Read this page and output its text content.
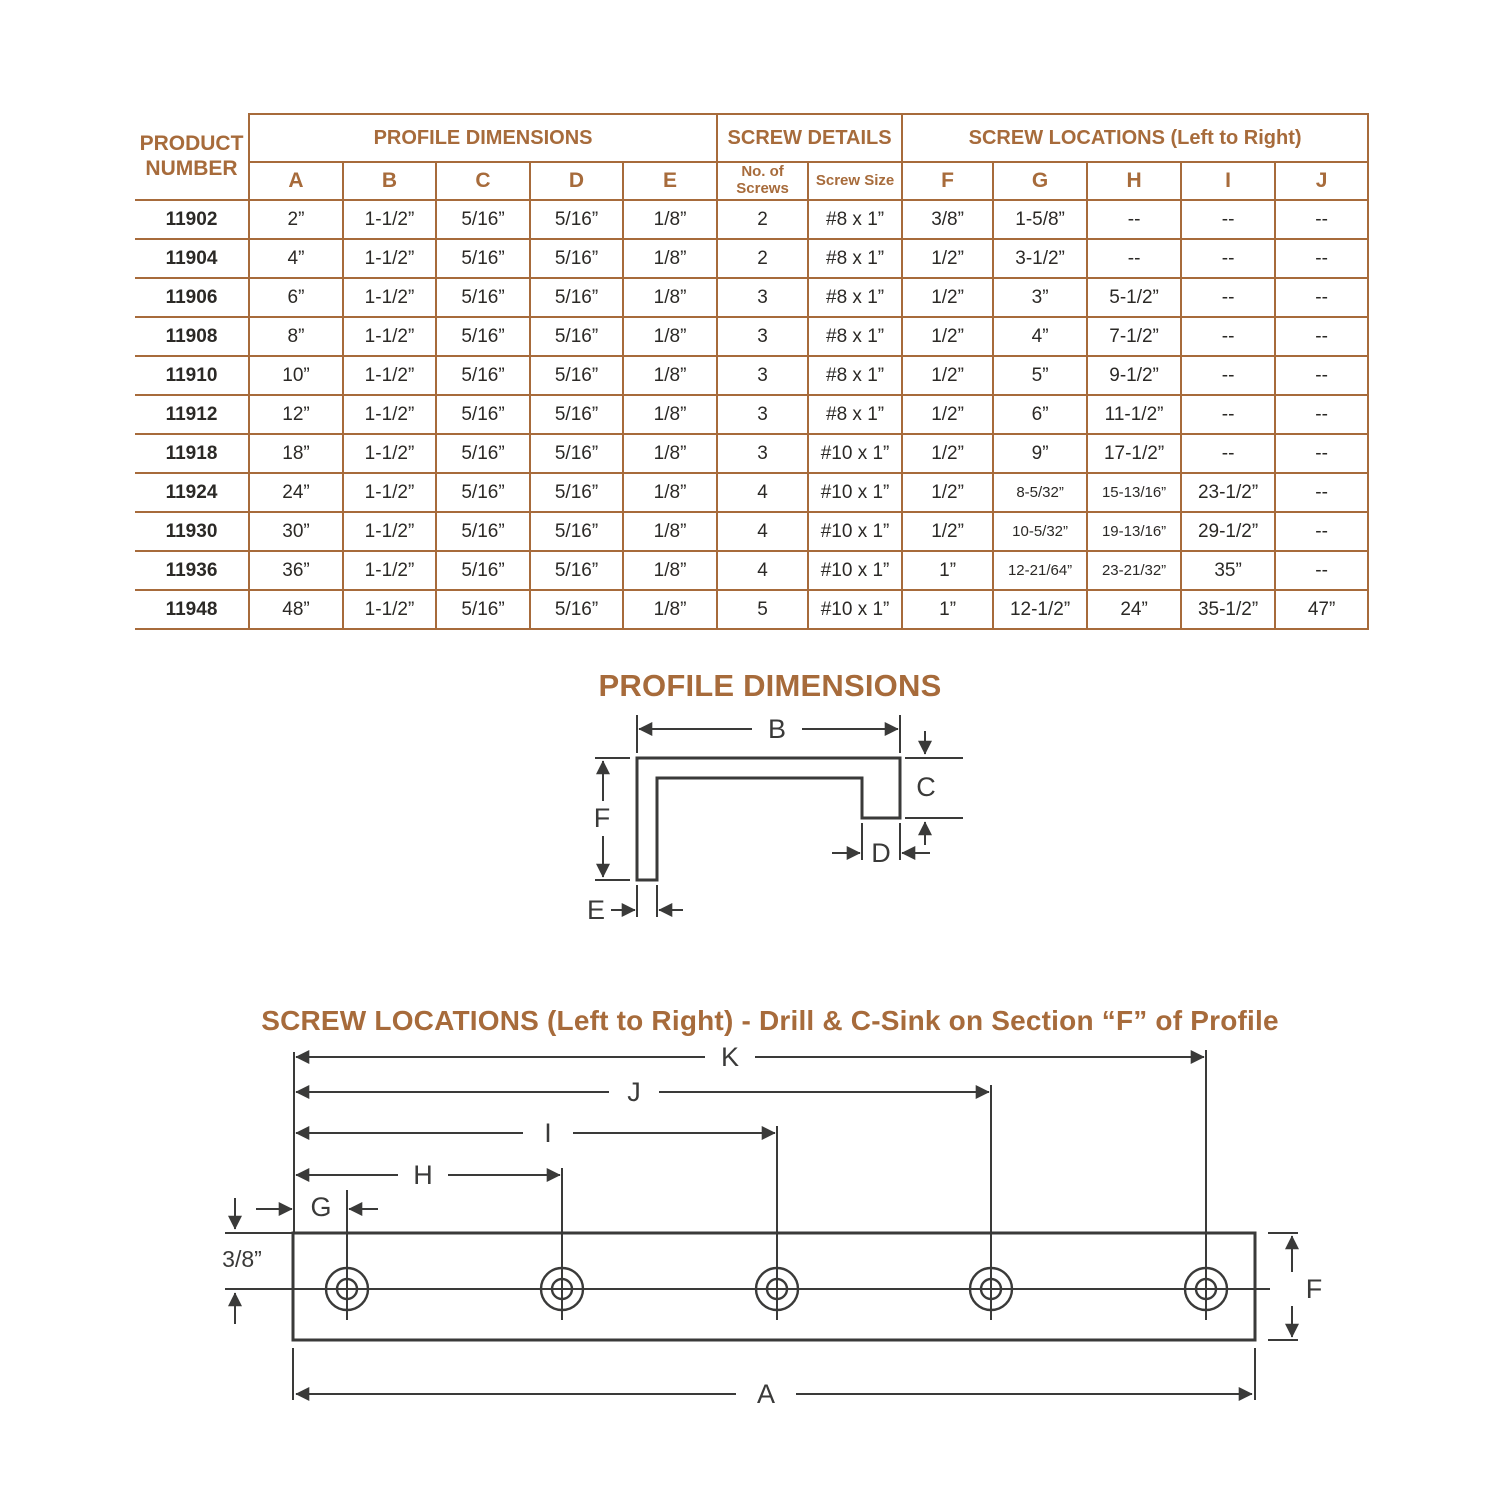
PRODUCT NUMBER	PROFILE DIMENSIONS					SCREW DETAILS		SCREW LOCATIONS (Left to Right)				
	A	B	C	D	E	No. of Screws	Screw Size	F	G	H	I	J
11902	2”	1-1/2”	5/16”	5/16”	1/8”	2	#8 x 1”	3/8”	1-5/8”	--	--	--
11904	4”	1-1/2”	5/16”	5/16”	1/8”	2	#8 x 1”	1/2”	3-1/2”	--	--	--
11906	6”	1-1/2”	5/16”	5/16”	1/8”	3	#8 x 1”	1/2”	3”	5-1/2”	--	--
11908	8”	1-1/2”	5/16”	5/16”	1/8”	3	#8 x 1”	1/2”	4”	7-1/2”	--	--
11910	10”	1-1/2”	5/16”	5/16”	1/8”	3	#8 x 1”	1/2”	5”	9-1/2”	--	--
11912	12”	1-1/2”	5/16”	5/16”	1/8”	3	#8 x 1”	1/2”	6”	11-1/2”	--	--
11918	18”	1-1/2”	5/16”	5/16”	1/8”	3	#10 x 1”	1/2”	9”	17-1/2”	--	--
11924	24”	1-1/2”	5/16”	5/16”	1/8”	4	#10 x 1”	1/2”	8-5/32”	15-13/16”	23-1/2”	--
11930	30”	1-1/2”	5/16”	5/16”	1/8”	4	#10 x 1”	1/2”	10-5/32”	19-13/16”	29-1/2”	--
11936	36”	1-1/2”	5/16”	5/16”	1/8”	4	#10 x 1”	1”	12-21/64”	23-21/32”	35”	--
11948	48”	1-1/2”	5/16”	5/16”	1/8”	5	#10 x 1”	1”	12-1/2”	24”	35-1/2”	47”
PROFILE DIMENSIONS
B
C
D
F
E
SCREW LOCATIONS (Left to Right) - Drill & C-Sink on Section “F” of Profile
K
J
I
H
G
3/8”
F
A
